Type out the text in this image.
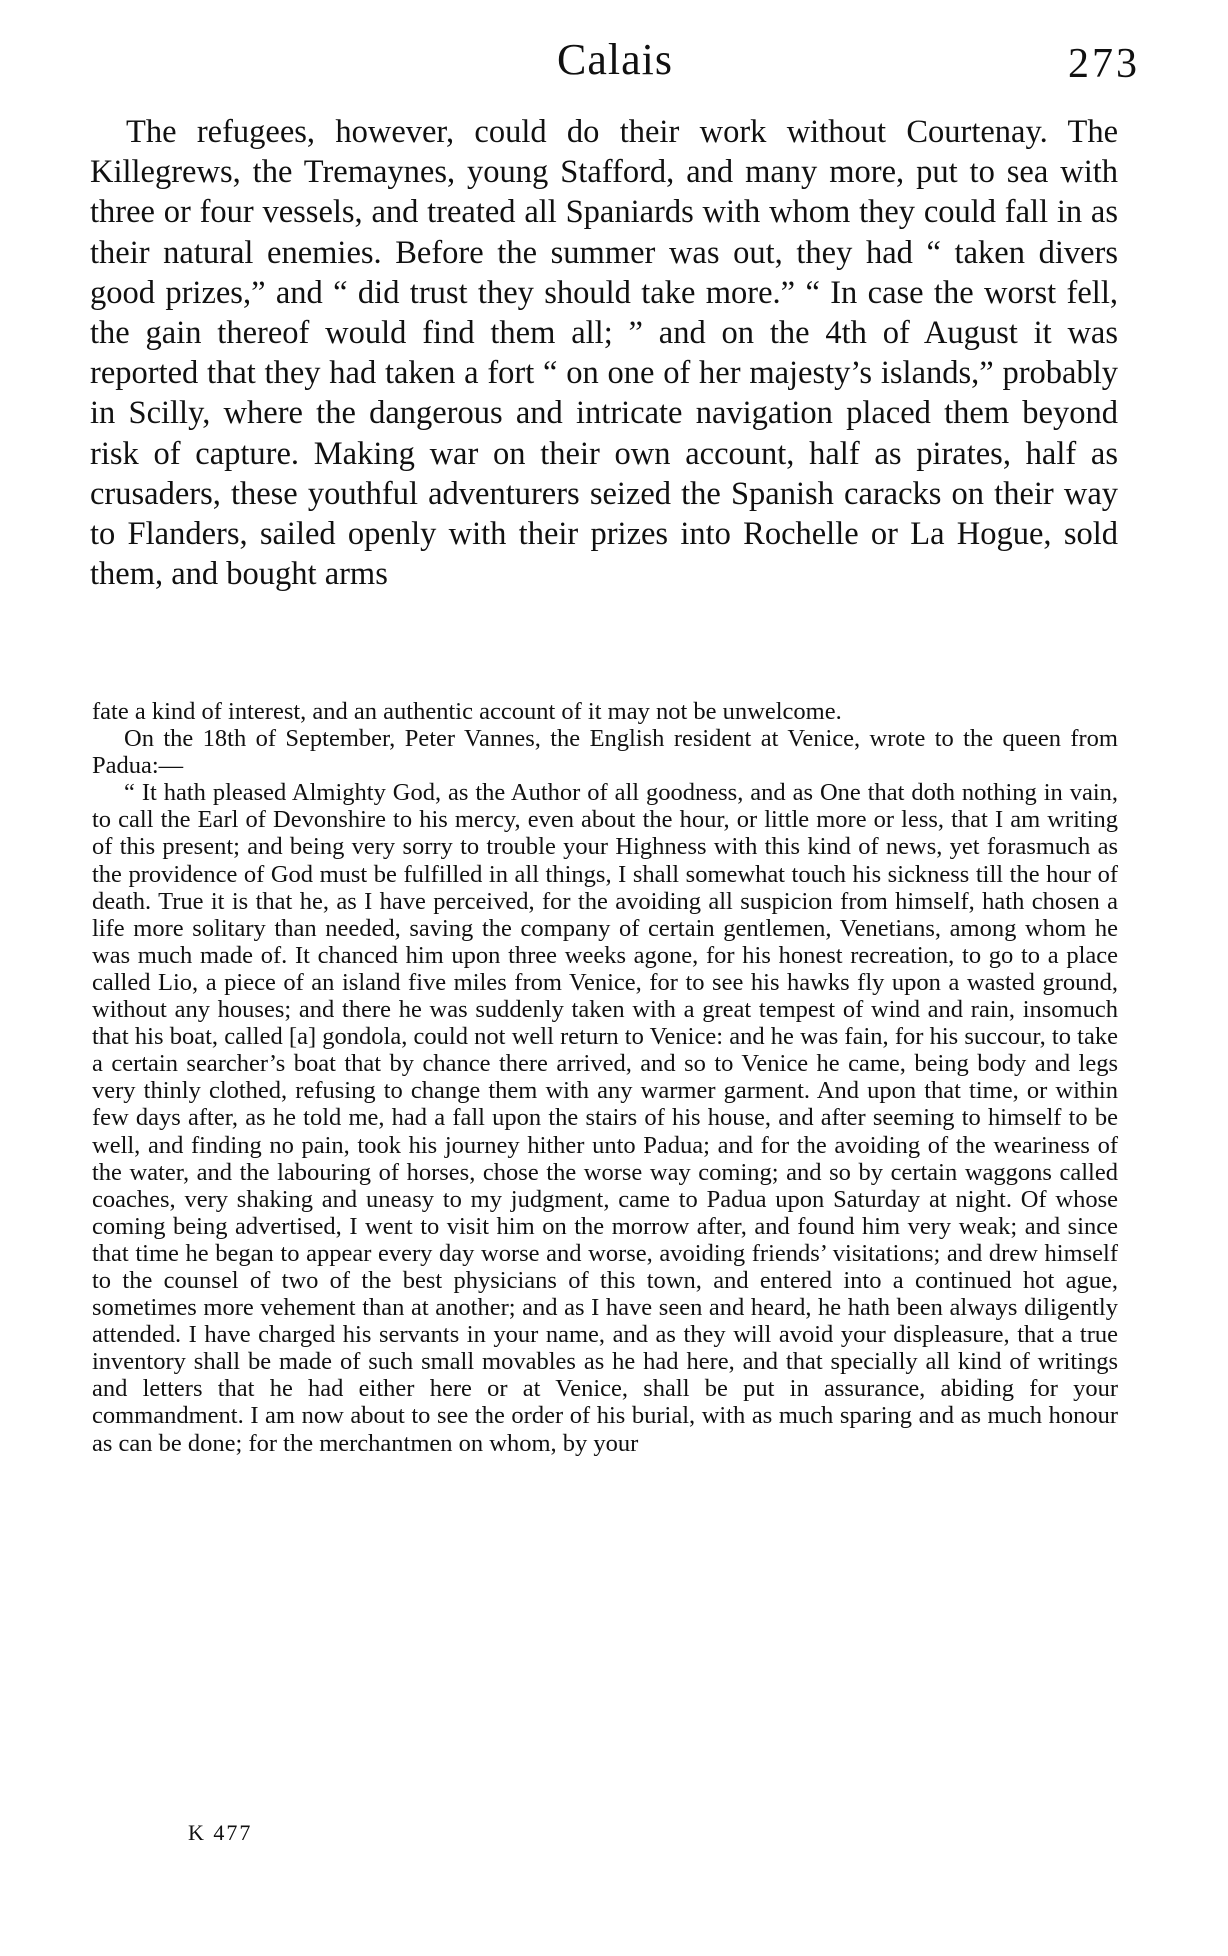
Calais	273

The refugees, however, could do their work without Courtenay. The Killegrews, the Tremaynes, young Stafford, and many more, put to sea with three or four vessels, and treated all Spaniards with whom they could fall in as their natural enemies. Before the summer was out, they had “ taken divers good prizes,” and “ did trust they should take more.” “ In case the worst fell, the gain thereof would find them all; ” and on the 4th of August it was reported that they had taken a fort “ on one of her majesty’s islands,” probably in Scilly, where the dangerous and intricate navigation placed them beyond risk of capture. Making war on their own account, half as pirates, half as crusaders, these youthful adventurers seized the Spanish caracks on their way to Flanders, sailed openly with their prizes into Rochelle or La Hogue, sold them, and bought arms

fate a kind of interest, and an authentic account of it may not be unwelcome.

On the 18th of September, Peter Vannes, the English resident at Venice, wrote to the queen from Padua:—

“ It hath pleased Almighty God, as the Author of all goodness, and as One that doth nothing in vain, to call the Earl of Devonshire to his mercy, even about the hour, or little more or less, that I am writing of this present; and being very sorry to trouble your Highness with this kind of news, yet forasmuch as the providence of God must be fulfilled in all things, I shall somewhat touch his sickness till the hour of death. True it is that he, as I have perceived, for the avoiding all suspicion from himself, hath chosen a life more solitary than needed, saving the company of certain gentlemen, Venetians, among whom he was much made of. It chanced him upon three weeks agone, for his honest recreation, to go to a place called Lio, a piece of an island five miles from Venice, for to see his hawks fly upon a wasted ground, without any houses; and there he was suddenly taken with a great tempest of wind and rain, insomuch that his boat, called [a] gondola, could not well return to Venice: and he was fain, for his succour, to take a certain searcher’s boat that by chance there arrived, and so to Venice he came, being body and legs very thinly clothed, refusing to change them with any warmer garment. And upon that time, or within few days after, as he told me, had a fall upon the stairs of his house, and after seeming to himself to be well, and finding no pain, took his journey hither unto Padua; and for the avoiding of the weariness of the water, and the labouring of horses, chose the worse way coming; and so by certain waggons called coaches, very shaking and uneasy to my judgment, came to Padua upon Saturday at night. Of whose coming being advertised, I went to visit him on the morrow after, and found him very weak; and since that time he began to appear every day worse and worse, avoiding friends’ visitations; and drew himself to the counsel of two of the best physicians of this town, and entered into a continued hot ague, sometimes more vehement than at another; and as I have seen and heard, he hath been always diligently attended. I have charged his servants in your name, and as they will avoid your displeasure, that a true inventory shall be made of such small movables as he had here, and that specially all kind of writings and letters that he had either here or at Venice, shall be put in assurance, abiding for your commandment. I am now about to see the order of his burial, with as much sparing and as much honour as can be done; for the merchantmen on whom, by your

K 477
